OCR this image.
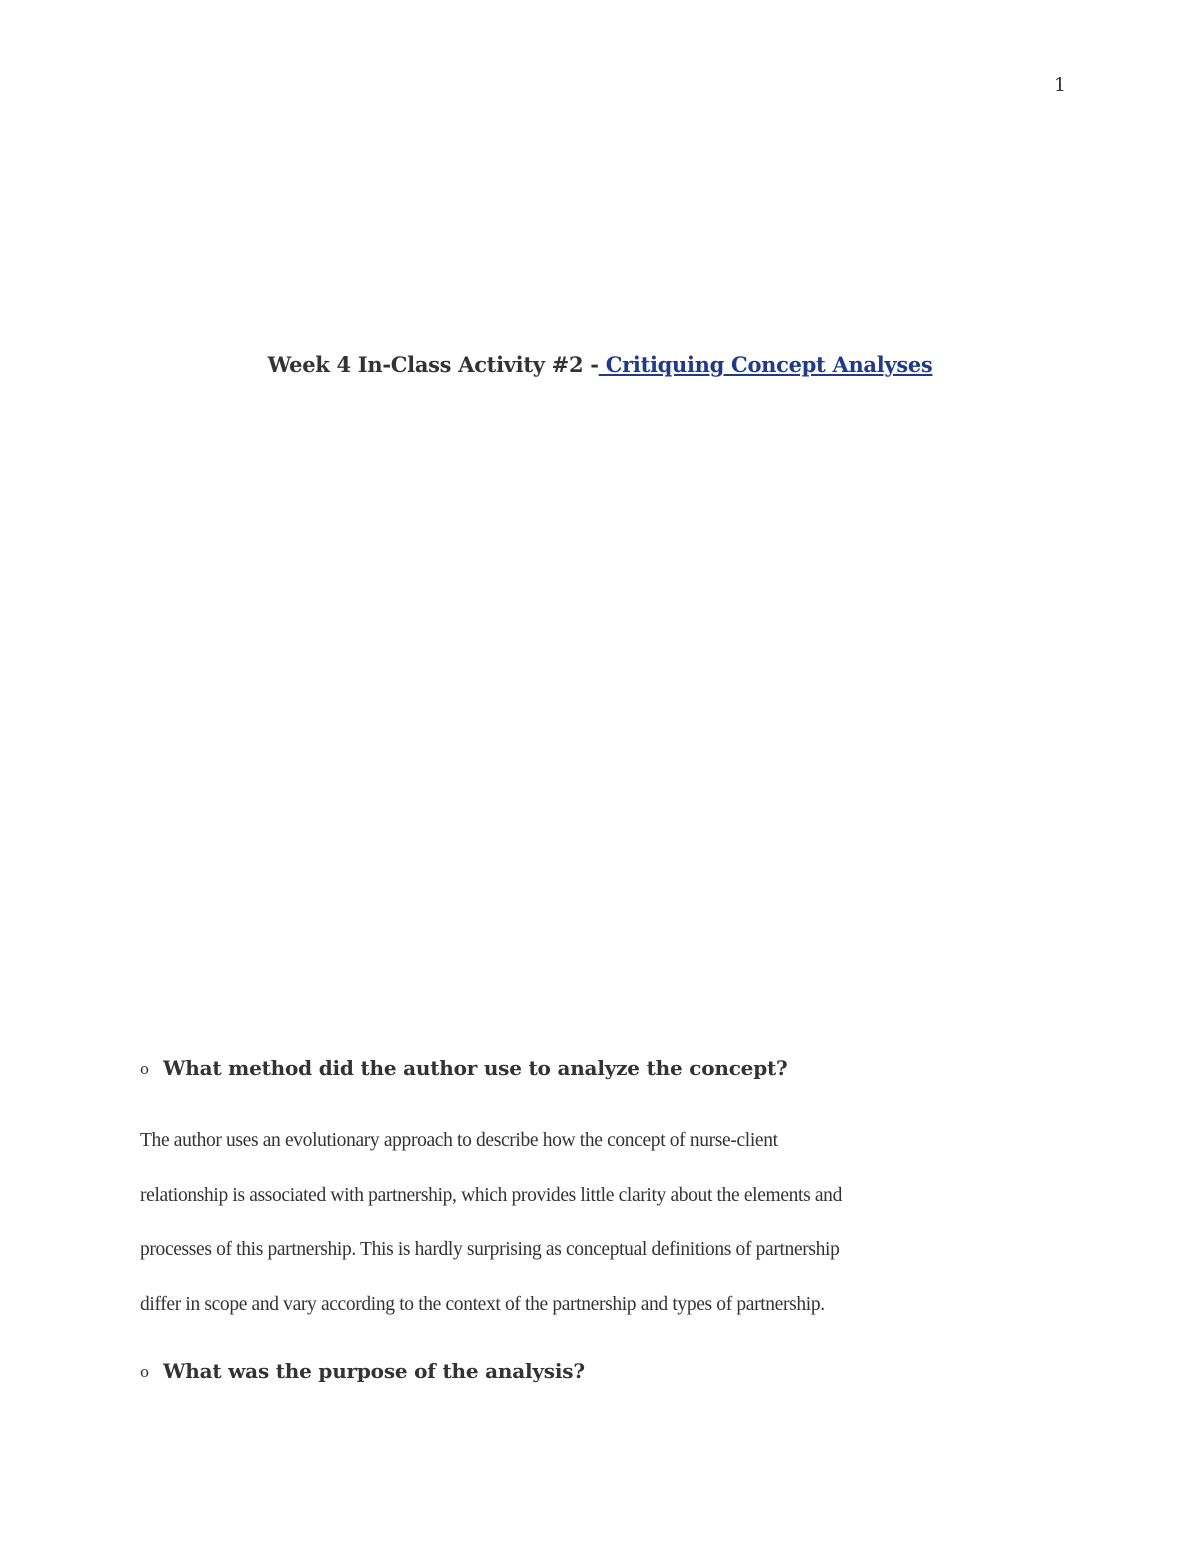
1
Week 4 In-Class Activity #2 - Critiquing Concept Analyses
o What method did the author use to analyze the concept?
The author uses an evolutionary approach to describe how the concept of nurse-client
relationship is associated with partnership, which provides little clarity about the elements and
processes of this partnership. This is hardly surprising as conceptual definitions of partnership
differ in scope and vary according to the context of the partnership and types of partnership.
o What was the purpose of the analysis?
